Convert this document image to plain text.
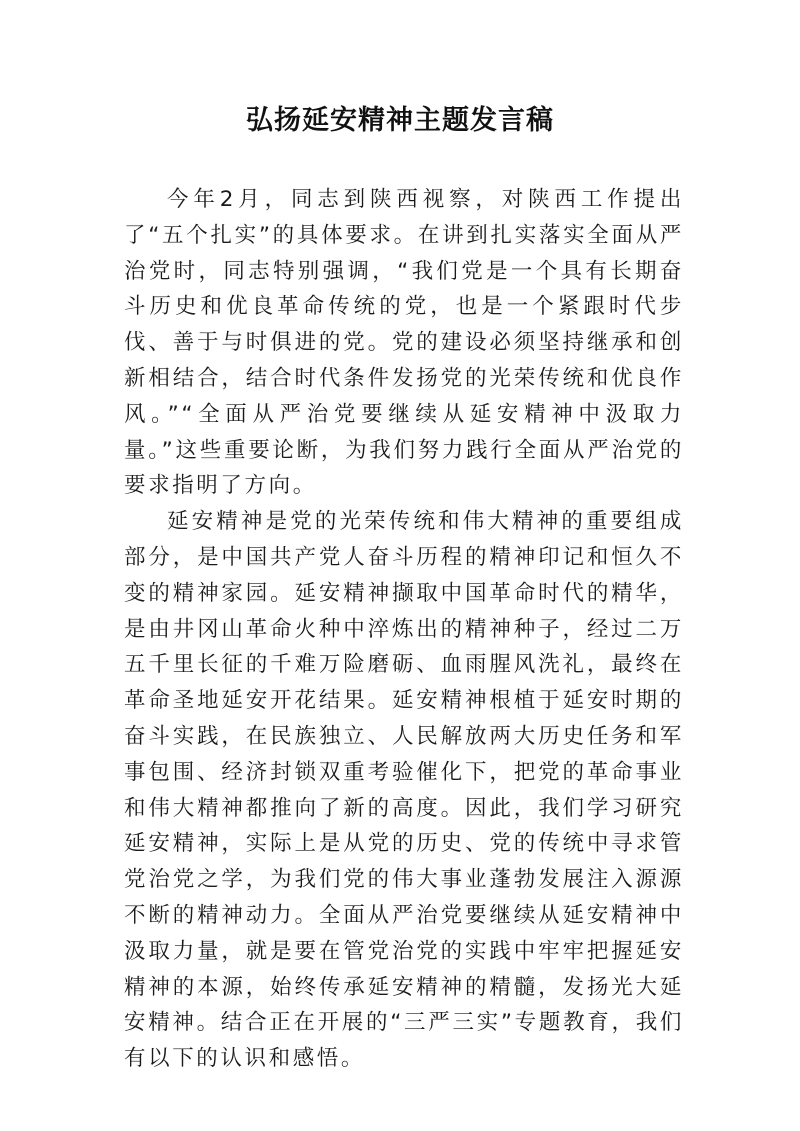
弘扬延安精神主题发言稿

今年2月，同志到陕西视察，对陕西工作提出了“五个扎实”的具体要求。在讲到扎实落实全面从严治党时，同志特别强调，“我们党是一个具有长期奋斗历史和优良革命传统的党，也是一个紧跟时代步伐、善于与时俱进的党。党的建设必须坚持继承和创新相结合，结合时代条件发扬党的光荣传统和优良作风。”“全面从严治党要继续从延安精神中汲取力量。”这些重要论断，为我们努力践行全面从严治党的要求指明了方向。

延安精神是党的光荣传统和伟大精神的重要组成部分，是中国共产党人奋斗历程的精神印记和恒久不变的精神家园。延安精神撷取中国革命时代的精华，是由井冈山革命火种中淬炼出的精神种子，经过二万五千里长征的千难万险磨砺、血雨腥风洗礼，最终在革命圣地延安开花结果。延安精神根植于延安时期的奋斗实践，在民族独立、人民解放两大历史任务和军事包围、经济封锁双重考验催化下，把党的革命事业和伟大精神都推向了新的高度。因此，我们学习研究延安精神，实际上是从党的历史、党的传统中寻求管党治党之学，为我们党的伟大事业蓬勃发展注入源源不断的精神动力。全面从严治党要继续从延安精神中汲取力量，就是要在管党治党的实践中牢牢把握延安精神的本源，始终传承延安精神的精髓，发扬光大延安精神。结合正在开展的“三严三实”专题教育，我们有以下的认识和感悟。
